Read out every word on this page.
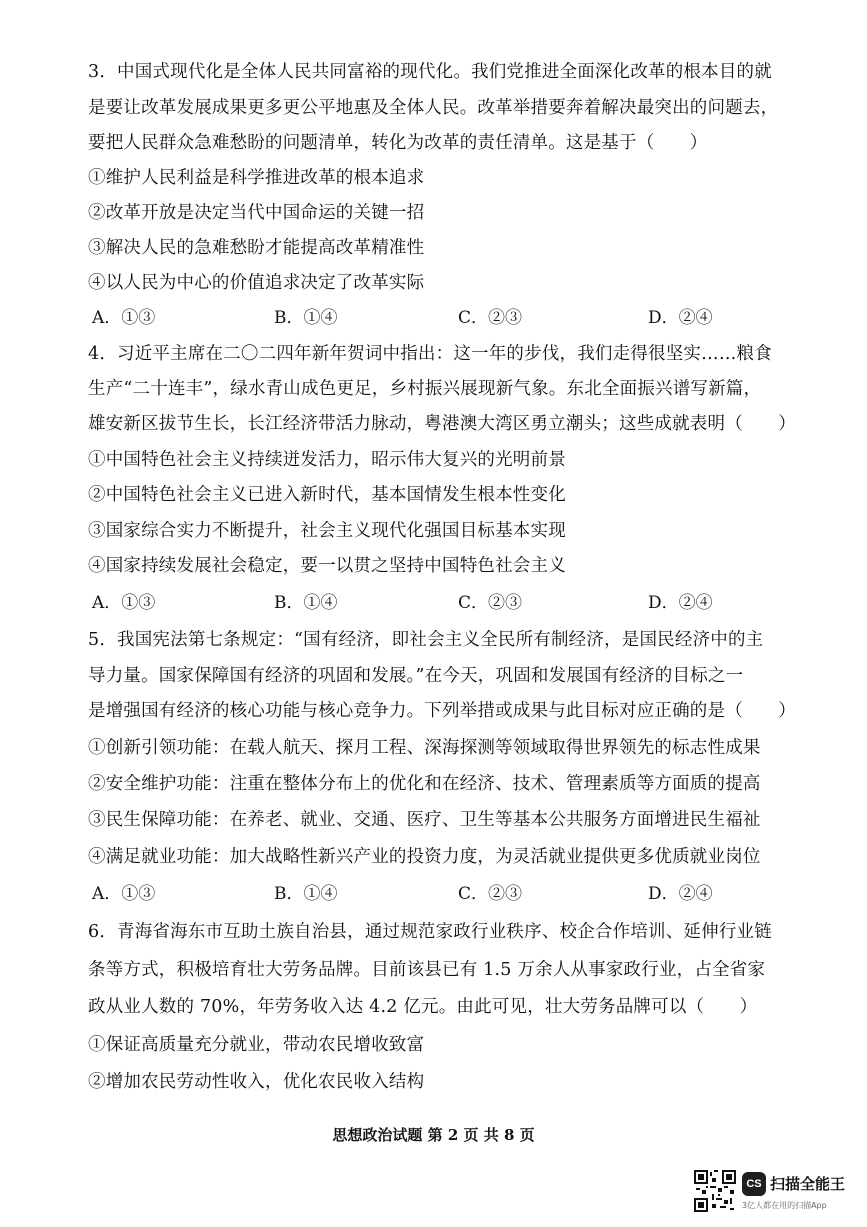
3．中国式现代化是全体人民共同富裕的现代化。我们党推进全面深化改革的根本目的就
是要让改革发展成果更多更公平地惠及全体人民。改革举措要奔着解决最突出的问题去，
要把人民群众急难愁盼的问题清单，转化为改革的责任清单。这是基于（　　）
①维护人民利益是科学推进改革的根本追求
②改革开放是决定当代中国命运的关键一招
③解决人民的急难愁盼才能提高改革精准性
④以人民为中心的价值追求决定了改革实际
A．①③	B．①④	C．②③	D．②④
4．习近平主席在二〇二四年新年贺词中指出：这一年的步伐，我们走得很坚实……粮食
生产“二十连丰”，绿水青山成色更足，乡村振兴展现新气象。东北全面振兴谱写新篇，
雄安新区拔节生长，长江经济带活力脉动，粤港澳大湾区勇立潮头；这些成就表明（　　）
①中国特色社会主义持续迸发活力，昭示伟大复兴的光明前景
②中国特色社会主义已进入新时代，基本国情发生根本性变化
③国家综合实力不断提升，社会主义现代化强国目标基本实现
④国家持续发展社会稳定，要一以贯之坚持中国特色社会主义
A．①③	B．①④	C．②③	D．②④
5．我国宪法第七条规定：“国有经济，即社会主义全民所有制经济，是国民经济中的主
导力量。国家保障国有经济的巩固和发展。”在今天，巩固和发展国有经济的目标之一
是增强国有经济的核心功能与核心竞争力。下列举措或成果与此目标对应正确的是（　　）
①创新引领功能：在载人航天、探月工程、深海探测等领域取得世界领先的标志性成果
②安全维护功能：注重在整体分布上的优化和在经济、技术、管理素质等方面质的提高
③民生保障功能：在养老、就业、交通、医疗、卫生等基本公共服务方面增进民生福祉
④满足就业功能：加大战略性新兴产业的投资力度，为灵活就业提供更多优质就业岗位
A．①③	B．①④	C．②③	D．②④
6．青海省海东市互助土族自治县，通过规范家政行业秩序、校企合作培训、延伸行业链
条等方式，积极培育壮大劳务品牌。目前该县已有 1.5 万余人从事家政行业，占全省家
政从业人数的 70%，年劳务收入达 4.2 亿元。由此可见，壮大劳务品牌可以（　　）
①保证高质量充分就业，带动农民增收致富
②增加农民劳动性收入，优化农民收入结构
思想政治试题 第 2 页 共 8 页
CS 扫描全能王
3亿人都在用的扫描App
